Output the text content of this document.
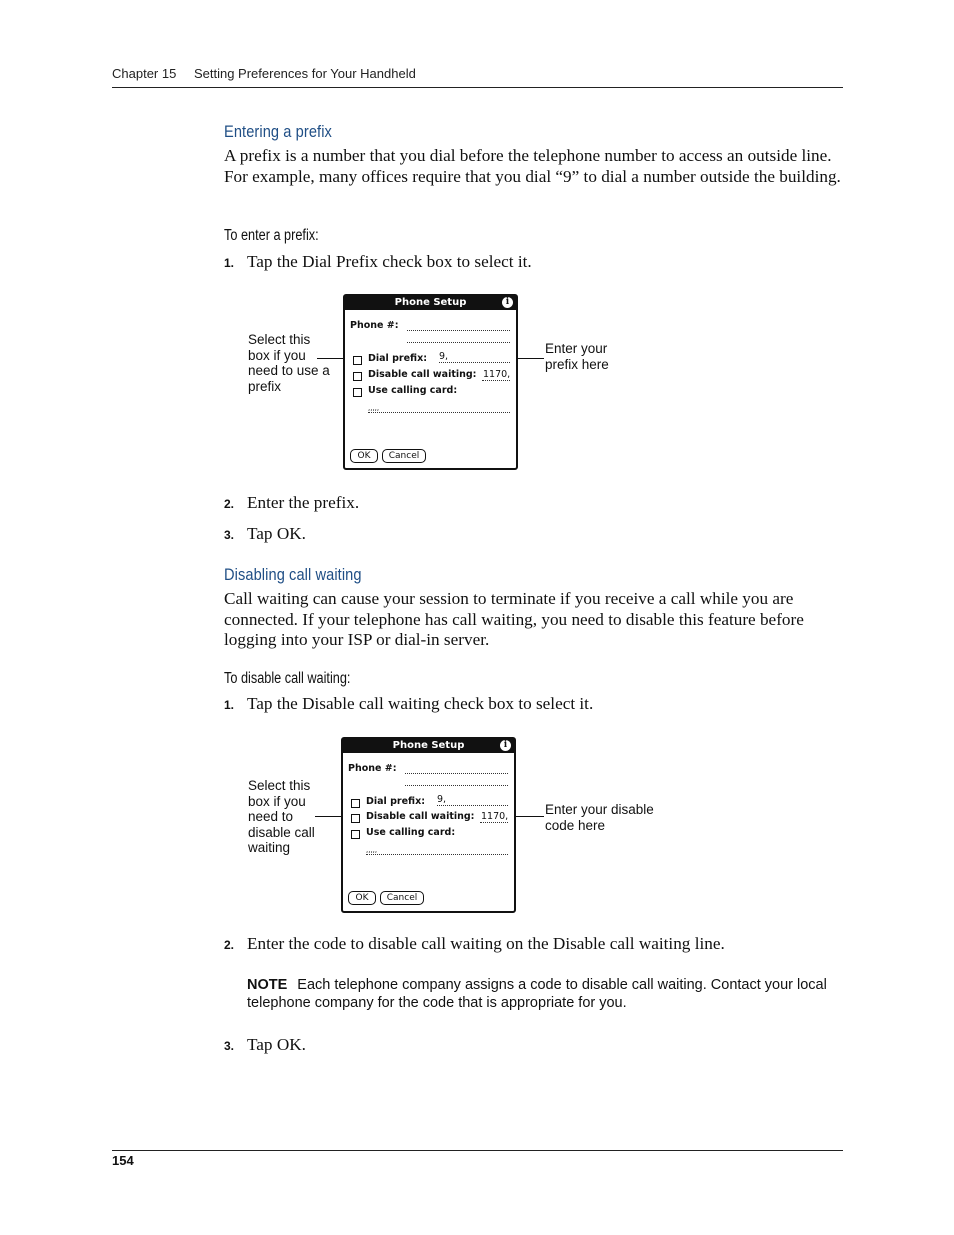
Chapter 15 Setting Preferences for Your Handheld
Entering a prefix
A prefix is a number that you dial before the telephone number to access an outside line. For example, many offices require that you dial “9” to dial a number outside the building.
To enter a prefix:
1. Tap the Dial Prefix check box to select it.
Select this
box if you
need to use a
prefix
Enter your
prefix here
Phone Setup	i
Phone #:
Dial prefix: 9,
Disable call waiting: 1170,
Use calling card:
,,,,,
OK	Cancel
2. Enter the prefix.
3. Tap OK.
Disabling call waiting
Call waiting can cause your session to terminate if you receive a call while you are connected. If your telephone has call waiting, you need to disable this feature before logging into your ISP or dial-in server.
To disable call waiting:
1. Tap the Disable call waiting check box to select it.
Select this
box if you
need to
disable call
waiting
Enter your disable
code here
Phone Setup	i
Phone #:
Dial prefix: 9,
Disable call waiting: 1170,
Use calling card:
,,,,,
OK	Cancel
2. Enter the code to disable call waiting on the Disable call waiting line.
NOTE Each telephone company assigns a code to disable call waiting. Contact your local telephone company for the code that is appropriate for you.
3. Tap OK.
154
